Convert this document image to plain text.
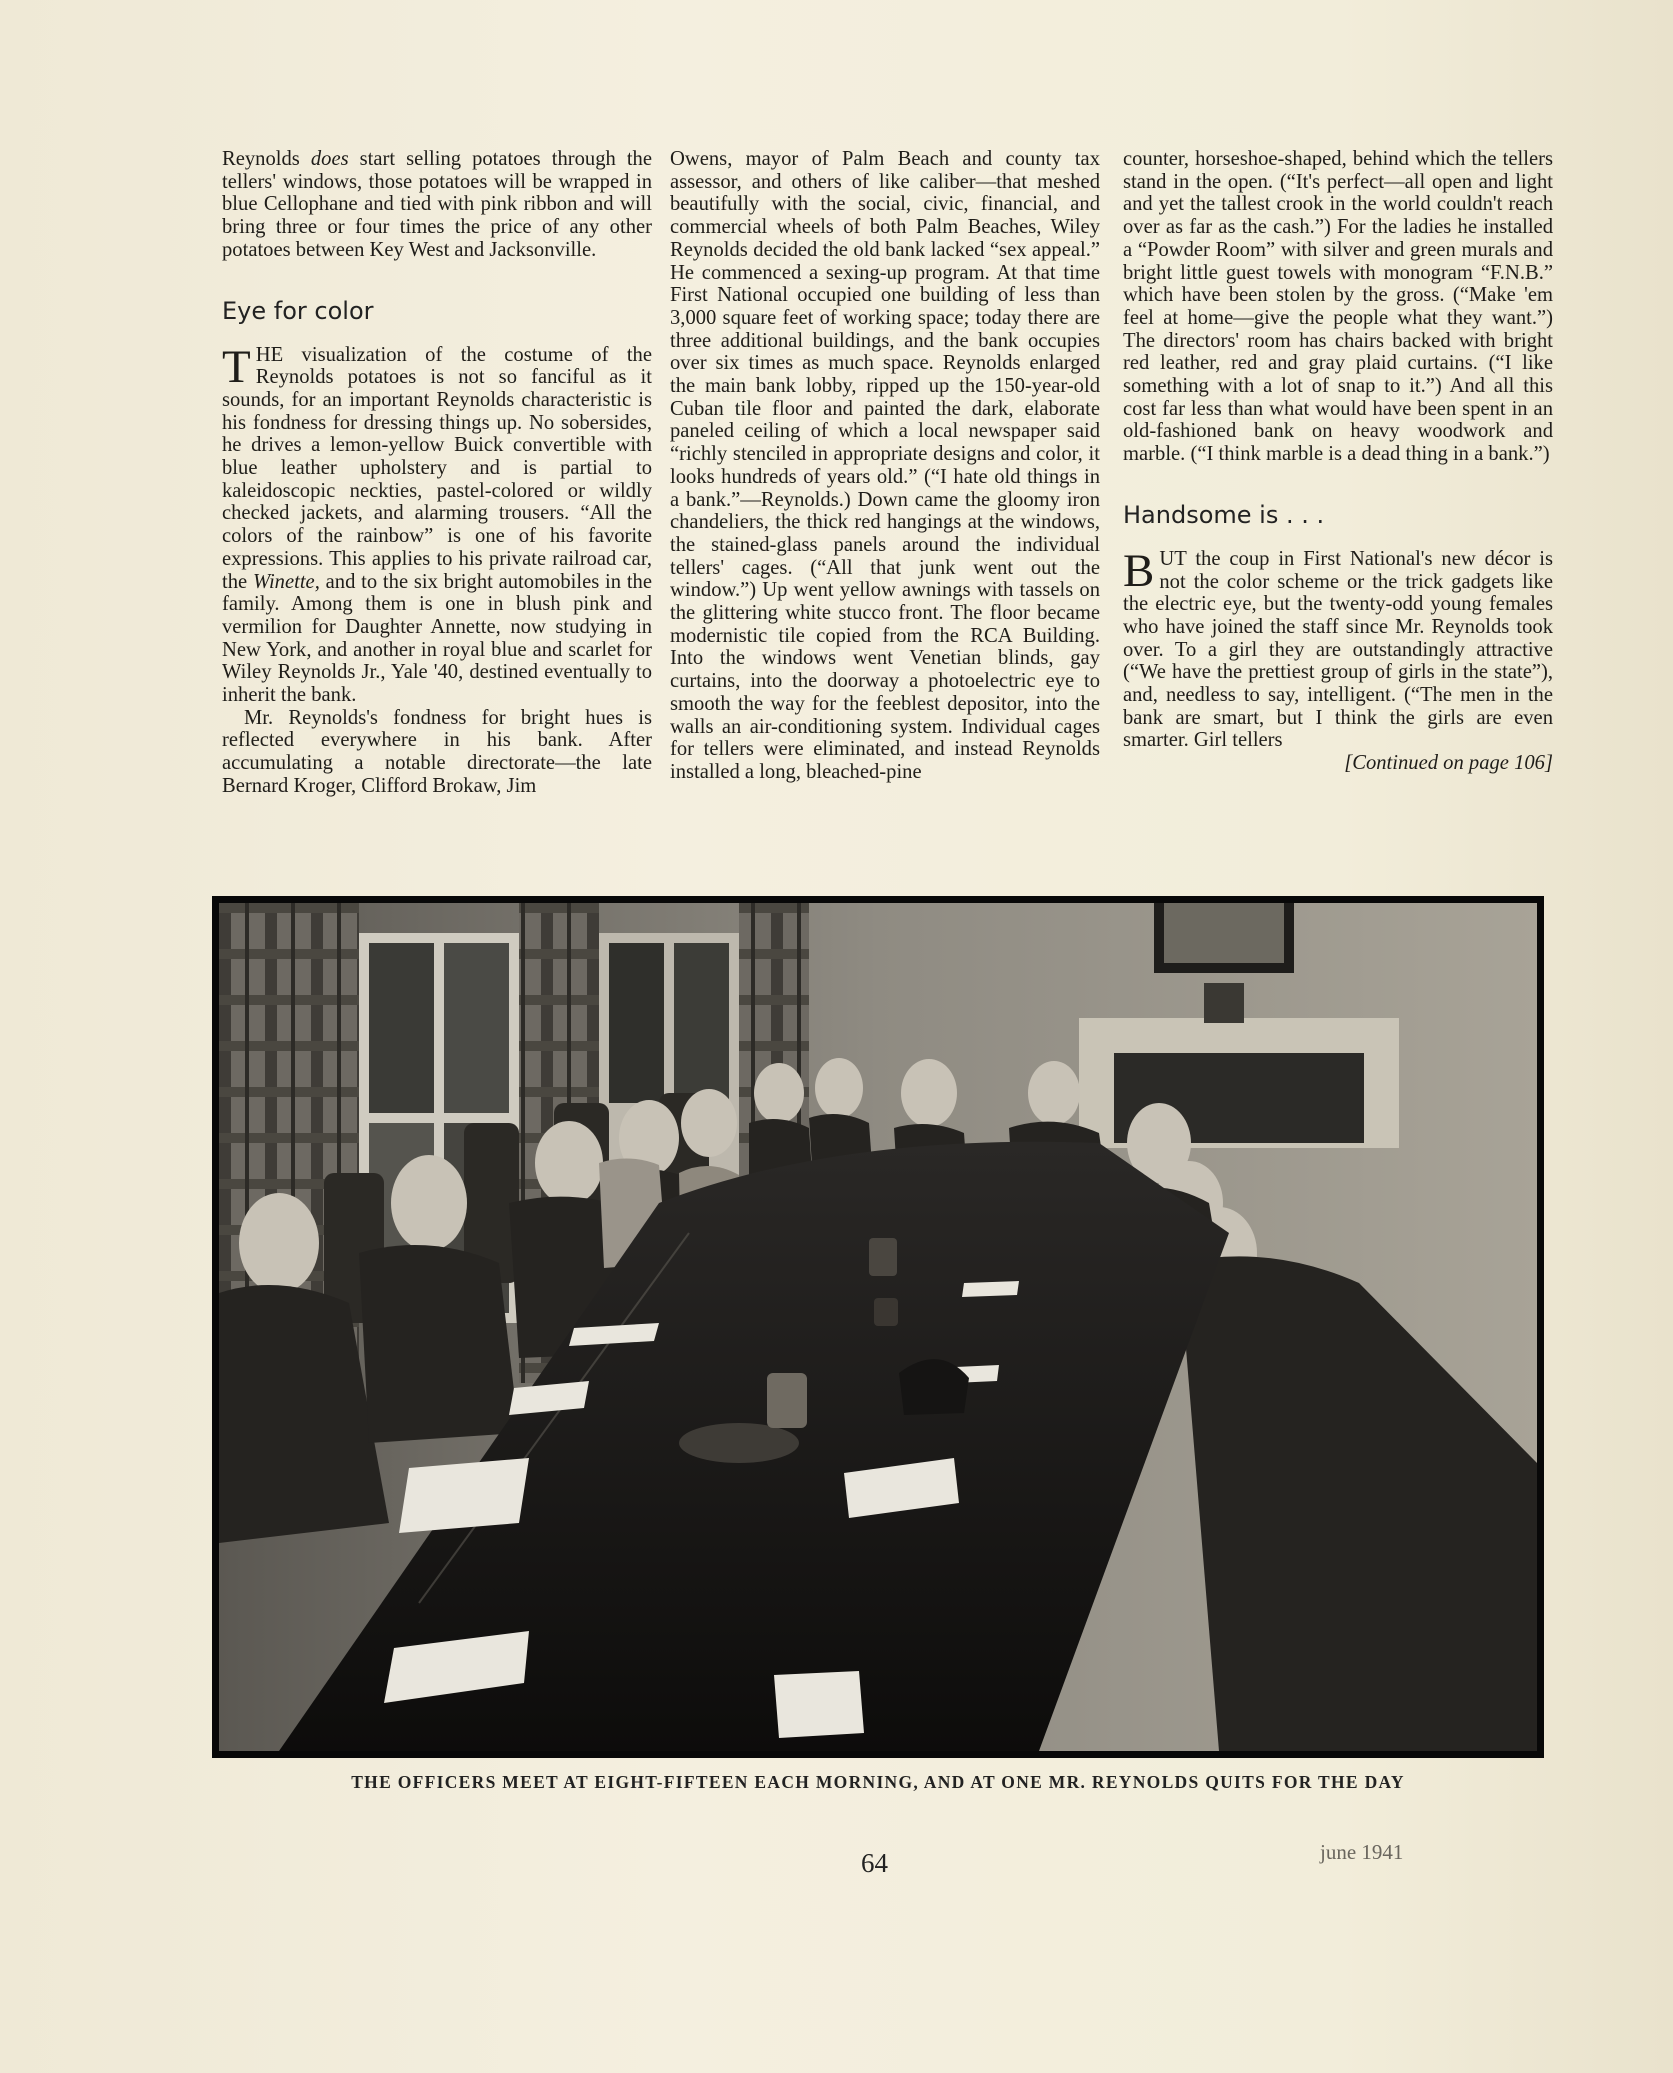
Reynolds does start selling potatoes through the tellers' windows, those potatoes will be wrapped in blue Cellophane and tied with pink ribbon and will bring three or four times the price of any other potatoes between Key West and Jacksonville.

Eye for color

THE visualization of the costume of the Reynolds potatoes is not so fanciful as it sounds, for an important Reynolds characteristic is his fondness for dressing things up. No sobersides, he drives a lemon-yellow Buick convertible with blue leather upholstery and is partial to kaleidoscopic neckties, pastel-colored or wildly checked jackets, and alarming trousers. “All the colors of the rainbow” is one of his favorite expressions. This applies to his private railroad car, the Winette, and to the six bright automobiles in the family. Among them is one in blush pink and vermilion for Daughter Annette, now studying in New York, and another in royal blue and scarlet for Wiley Reynolds Jr., Yale '40, destined eventually to inherit the bank.

Mr. Reynolds's fondness for bright hues is reflected everywhere in his bank. After accumulating a notable directorate—the late Bernard Kroger, Clifford Brokaw, Jim

Owens, mayor of Palm Beach and county tax assessor, and others of like caliber—that meshed beautifully with the social, civic, financial, and commercial wheels of both Palm Beaches, Wiley Reynolds decided the old bank lacked “sex appeal.” He commenced a sexing-up program. At that time First National occupied one building of less than 3,000 square feet of working space; today there are three additional buildings, and the bank occupies over six times as much space. Reynolds enlarged the main bank lobby, ripped up the 150-year-old Cuban tile floor and painted the dark, elaborate paneled ceiling of which a local newspaper said “richly stenciled in appropriate designs and color, it looks hundreds of years old.” (“I hate old things in a bank.”—Reynolds.) Down came the gloomy iron chandeliers, the thick red hangings at the windows, the stained-glass panels around the individual tellers' cages. (“All that junk went out the window.”) Up went yellow awnings with tassels on the glittering white stucco front. The floor became modernistic tile copied from the RCA Building. Into the windows went Venetian blinds, gay curtains, into the doorway a photoelectric eye to smooth the way for the feeblest depositor, into the walls an air-conditioning system. Individual cages for tellers were eliminated, and instead Reynolds installed a long, bleached-pine

counter, horseshoe-shaped, behind which the tellers stand in the open. (“It's perfect—all open and light and yet the tallest crook in the world couldn't reach over as far as the cash.”) For the ladies he installed a “Powder Room” with silver and green murals and bright little guest towels with monogram “F.N.B.” which have been stolen by the gross. (“Make 'em feel at home—give the people what they want.”) The directors' room has chairs backed with bright red leather, red and gray plaid curtains. (“I like something with a lot of snap to it.”) And all this cost far less than what would have been spent in an old-fashioned bank on heavy woodwork and marble. (“I think marble is a dead thing in a bank.”)

Handsome is . . .

BUT the coup in First National's new décor is not the color scheme or the trick gadgets like the electric eye, but the twenty-odd young females who have joined the staff since Mr. Reynolds took over. To a girl they are outstandingly attractive (“We have the prettiest group of girls in the state”), and, needless to say, intelligent. (“The men in the bank are smart, but I think the girls are even smarter. Girl tellers

[Continued on page 106]

THE OFFICERS MEET AT EIGHT-FIFTEEN EACH MORNING, AND AT ONE MR. REYNOLDS QUITS FOR THE DAY
64	june 1941
